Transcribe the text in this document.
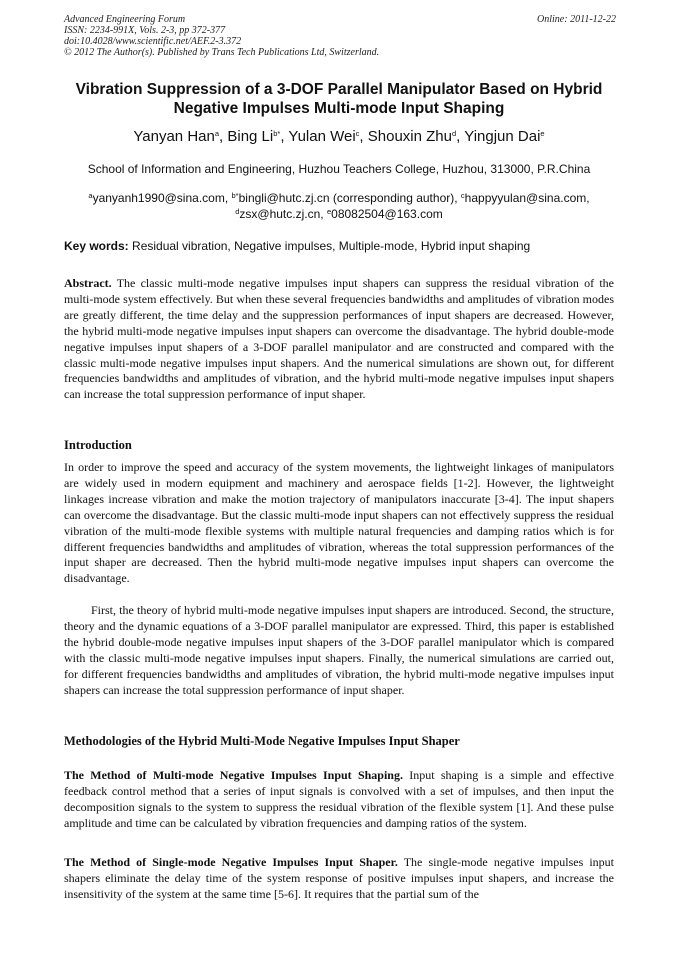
Advanced Engineering Forum
ISSN: 2234-991X, Vols. 2-3, pp 372-377
doi:10.4028/www.scientific.net/AEF.2-3.372
© 2012 The Author(s). Published by Trans Tech Publications Ltd, Switzerland.
Online: 2011-12-22
Vibration Suppression of a 3-DOF Parallel Manipulator Based on Hybrid
Negative Impulses Multi-mode Input Shaping
Yanyan Han$^a$, Bing $Li^{b*}$, Yulan Wei$^c$, Shouxin Zhu$^d$, Yingjun Dai$^e$
School of Information and Engineering, Huzhou Teachers College, Huzhou, 313000, P.R.China
$^a$yanyanh1990@sina.com, $^{b*}$bingli@hutc.zj.cn (corresponding author), $^c$happyyulan@sina.com,
$^d$zsx@hutc.zj.cn, $^e$08082504@163.com
Key words: Residual vibration, Negative impulses, Multiple-mode, Hybrid input shaping

Abstract. The classic multi-mode negative impulses input shapers can suppress the residual vibration of the multi-mode system effectively. But when these several frequencies bandwidths and amplitudes of vibration modes are greatly different, the time delay and the suppression performances of input shapers are decreased. However, the hybrid multi-mode negative impulses input shapers can overcome the disadvantage. The hybrid double-mode negative impulses input shapers of a 3-DOF parallel manipulator and are constructed and compared with the classic multi-mode negative impulses input shapers. And the numerical simulations are shown out, for different frequencies bandwidths and amplitudes of vibration, and the hybrid multi-mode negative impulses input shapers can increase the total suppression performance of input shaper.

Introduction

In order to improve the speed and accuracy of the system movements, the lightweight linkages of manipulators are widely used in modern equipment and machinery and aerospace fields [1-2]. However, the lightweight linkages increase vibration and make the motion trajectory of manipulators inaccurate [3-4]. The input shapers can overcome the disadvantage. But the classic multi-mode input shapers can not effectively suppress the residual vibration of the multi-mode flexible systems with multiple natural frequencies and damping ratios which is for different frequencies bandwidths and amplitudes of vibration, whereas the total suppression performances of the input shaper are decreased. Then the hybrid multi-mode negative impulses input shapers can overcome the disadvantage.

First, the theory of hybrid multi-mode negative impulses input shapers are introduced. Second, the structure, theory and the dynamic equations of a 3-DOF parallel manipulator are expressed. Third, this paper is established the hybrid double-mode negative impulses input shapers of the 3-DOF parallel manipulator which is compared with the classic multi-mode negative impulses input shapers. Finally, the numerical simulations are carried out, for different frequencies bandwidths and amplitudes of vibration, the hybrid multi-mode negative impulses input shapers can increase the total suppression performance of input shaper.

Methodologies of the Hybrid Multi-Mode Negative Impulses Input Shaper

The Method of Multi-mode Negative Impulses Input Shaping. Input shaping is a simple and effective feedback control method that a series of input signals is convolved with a set of impulses, and then input the decomposition signals to the system to suppress the residual vibration of the flexible system [1]. And these pulse amplitude and time can be calculated by vibration frequencies and damping ratios of the system.

The Method of Single-mode Negative Impulses Input Shaper. The single-mode negative impulses input shapers eliminate the delay time of the system response of positive impulses input shapers, and increase the insensitivity of the system at the same time [5-6]. It requires that the partial sum of the
